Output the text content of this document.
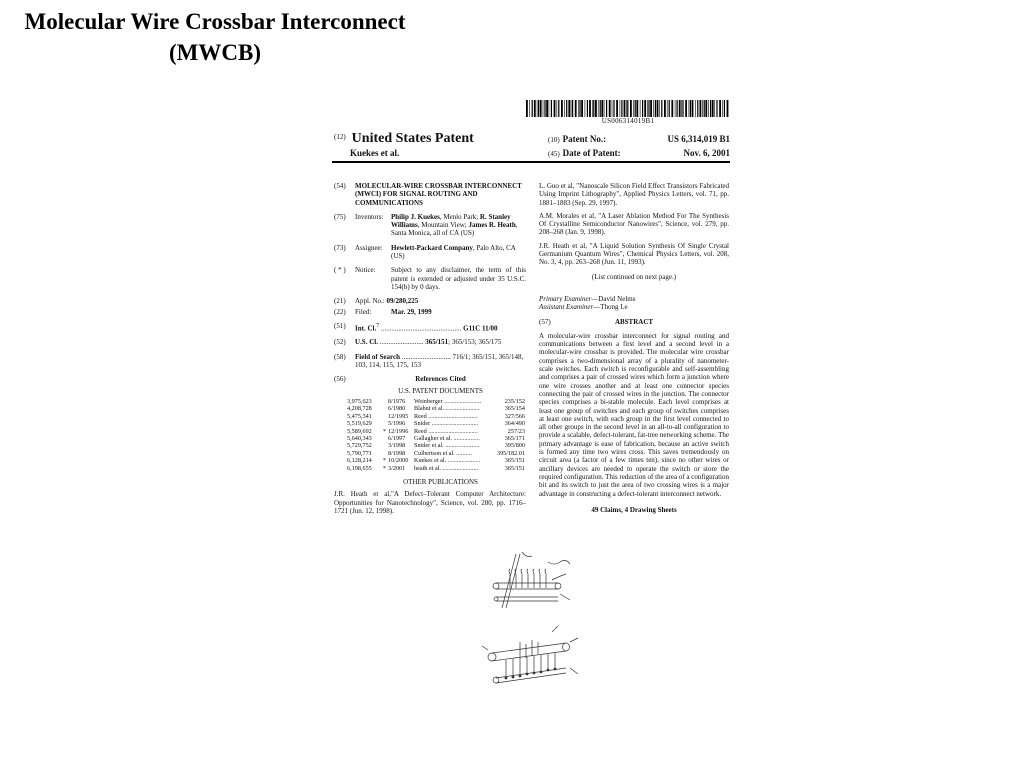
Molecular Wire Crossbar Interconnect
(MWCB)
US006314019B1
(12) United States Patent
Kuekes et al.
(10) Patent No.:	US 6,314,019 B1
(45) Date of Patent:	Nov. 6, 2001
(54)	MOLECULAR-WIRE CROSSBAR INTERCONNECT (MWCI) FOR SIGNAL ROUTING AND COMMUNICATIONS
(75)	Inventors:	Philip J. Kuekes, Menlo Park; R. Stanley Williams, Mountain View; James R. Heath, Santa Monica, all of CA (US)
(73)	Assignee:	Hewlett-Packard Company, Palo Alto, CA (US)
( * )	Notice:	Subject to any disclaimer, the term of this patent is extended or adjusted under 35 U.S.C. 154(b) by 0 days.
(21)	Appl. No.: 09/280,225
(22)	Filed:	Mar. 29, 1999
(51)	Int. Cl.$^7$ .............................................. G11C 11/00
(52)	U.S. Cl. ......................... 365/151; 365/153; 365/175
(58)	Field of Search ............................ 716/1; 365/151, 365/148, 103, 114, 115, 175, 153
(56)	References Cited
U.S. PATENT DOCUMENTS
3,975,623	8/1976	Weinberger ........................	235/152
4,208,728	6/1980	Blahut et al. ......................	365/154
5,475,341	12/1995 Reed ................................	327/566
5,519,629	5/1996	Snider ..............................	364/490
5,589,692	* 12/1996 Reed ................................	257/23
5,640,343	6/1997	Gallagher et al. .................	365/171
5,729,752	3/1998	Snider et al. ......................	395/800
5,790,771	8/1998	Culbertson et al. ..........	395/182.01
6,128,214	* 10/2000 Kuekes et al. .....................	365/151
6,198,655	* 3/2001	heath et al. .......................	365/151
OTHER PUBLICATIONS
J.R. Heath et al,"A Defect–Tolerant Computer Architecture: Opportunities for Nanotechnology", Science, vol. 280, pp. 1716–1721 (Jun. 12, 1998).
L. Guo et al, "Nanoscale Silicon Field Effect Transistors Fabricated Using Imprint Lithography", Applied Physics Letters, vol. 71, pp. 1881–1883 (Sep. 29, 1997).
A.M. Morales et al, "A Laser Ablation Method For The Synthesis Of Crystalline Semiconductor Nanowires", Science, vol. 279, pp. 208–268 (Jan. 9, 1998).
J.R. Heath et al, "A Liquid Solution Synthesis Of Single Crystal Germanium Quantum Wires", Chemical Physics Letters, vol. 208, No. 3, 4, pp. 263–268 (Jun. 11, 1993).
(List continued on next page.)
Primary Examiner—David Nelms
Assistant Examiner—Thong Le
(57)	ABSTRACT
A molecular-wire crossbar interconnect for signal routing and communications between a first level and a second level in a molecular-wire crossbar is provided. The molecular wire crossbar comprises a two-dimensional array of a plurality of nanometer-scale switches. Each switch is reconfigurable and self-assembling and comprises a pair of crossed wires which form a junction where one wire crosses another and at least one connector species connecting the pair of crossed wires in the junction. The connector species comprises a bi-stable molecule. Each level comprises at least one group of switches and each group of switches comprises at least one switch, with each group in the first level connected to all other groups in the second level in an all-to-all configuration to provide a scalable, defect-tolerant, fat-tree networking scheme. The primary advantage is ease of fabrication, because an active switch is formed any time two wires cross. This saves tremendously on circuit area (a factor of a few times ten), since no other wires or ancillary devices are needed to operate the switch or store the required configuration. This reduction of the area of a configuration bit and its switch to just the area of two crossing wires is a major advantage in constructing a defect-tolerant interconnect network.
49 Claims, 4 Drawing Sheets
